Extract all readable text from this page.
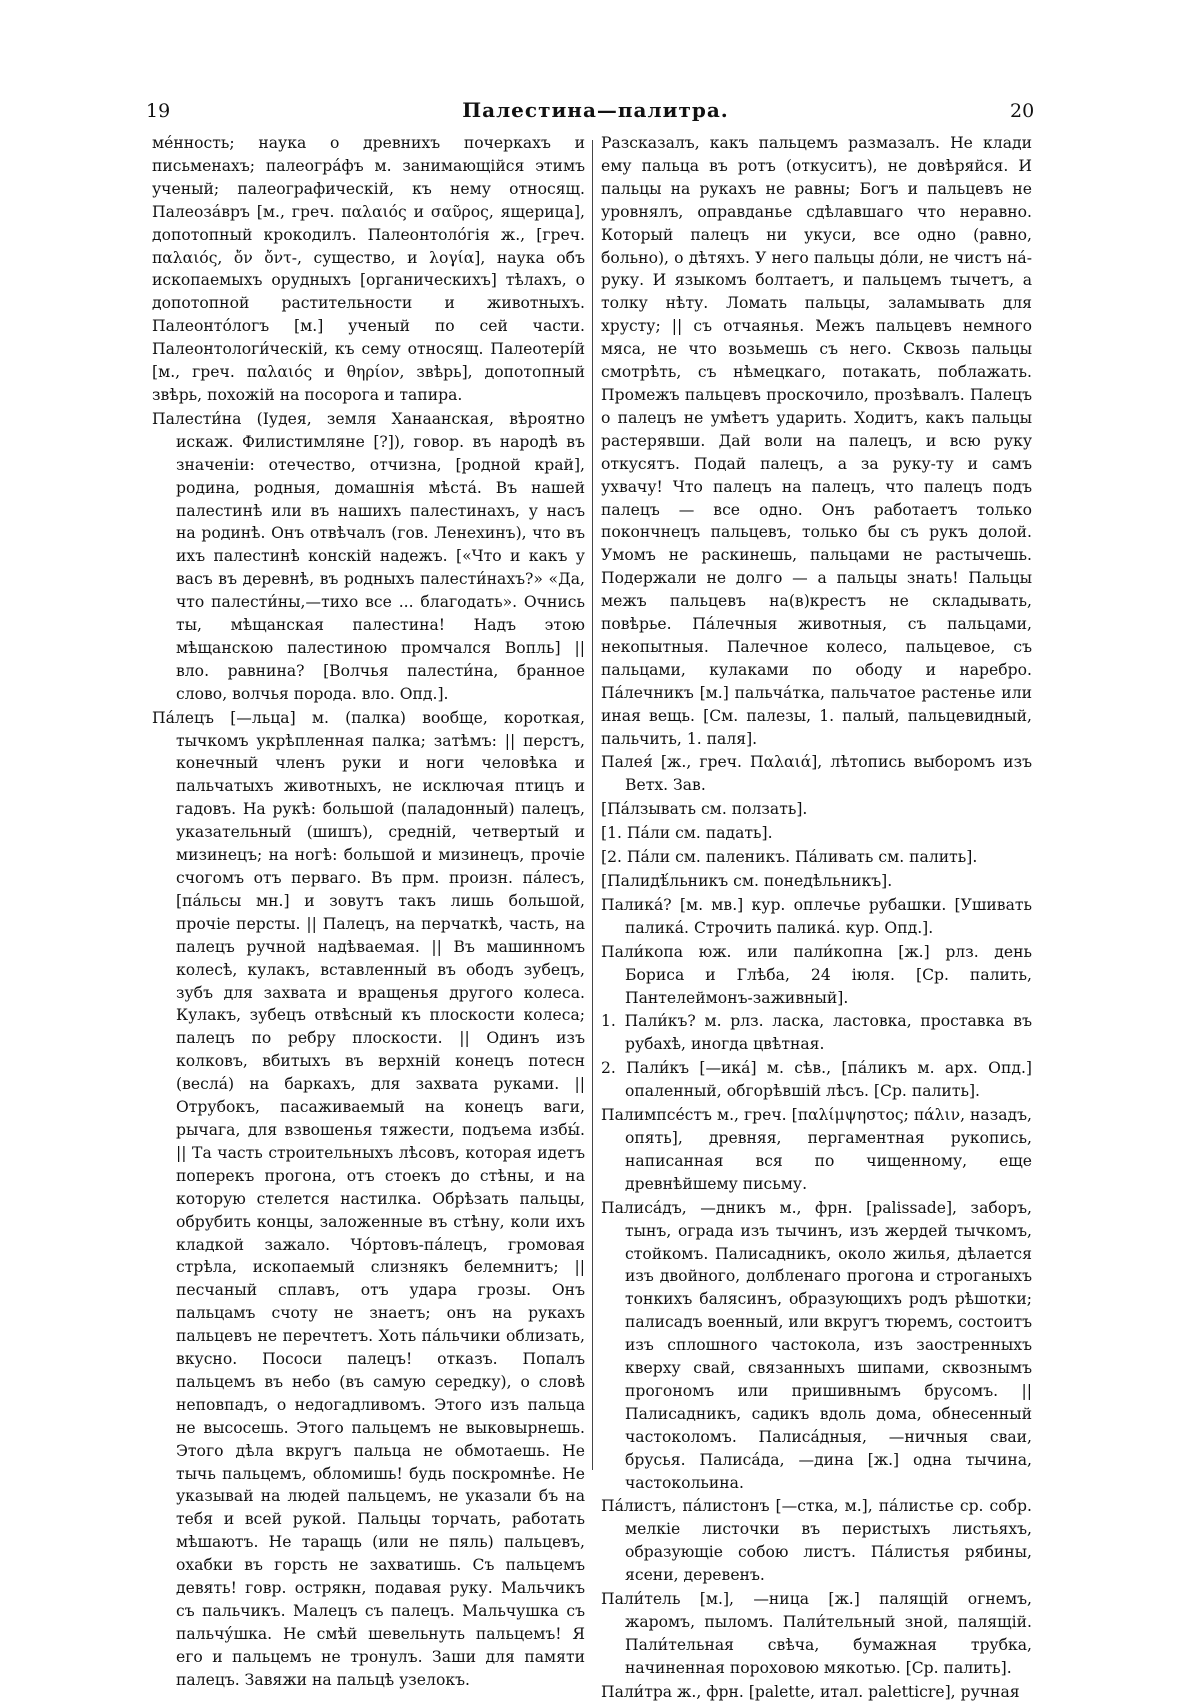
19	Палестина—палитра.	20

ме́нность; наука о древнихъ почеркахъ и письменахъ; палеогра́фъ м. занимающійся этимъ ученый; палеографическій, къ нему относящ. Палеоза́връ [м., греч. παλαιός и σαῦρος, ящерица], допотопный крокодилъ. Палеонтоло́гія ж., [греч. παλαιός, ὄν ὄντ-, существо, и λογία], наука объ ископаемыхъ орудныхъ [органическихъ] тѣлахъ, о допотопной растительности и животныхъ. Палеонто́логъ [м.] ученый по сей части. Палеонтологи́ческій, къ сему относящ. Палеотері́й [м., греч. παλαιός и θηρίον, звѣрь], допотопный звѣрь, похожій на посорога и тапира.

Палести́на (Іудея, земля Ханаанская, вѣроятно искаж. Филистимляне [?]), говор. въ народѣ въ значеніи: отечество, отчизна, [родной край], родина, родныя, домашнія мѣста́. Въ нашей палестинѣ или въ нашихъ палестинахъ, у насъ на родинѣ. Онъ отвѣчалъ (гов. Ленехинъ), что въ ихъ палестинѣ конскій надежъ. [«Что и какъ у васъ въ деревнѣ, въ родныхъ палести́нахъ?» «Да, что палести́ны,—тихо все ... благодать». Очнись ты, мѣщанская палестина! Надъ этою мѣщанскою палестиною промчался Вопль] || вло. равнина? [Волчья палести́на, бранное слово, волчья порода. вло. Опд.].

Па́лецъ [—льца] м. (палка) вообще, короткая, тычкомъ укрѣпленная палка; затѣмъ: || перстъ, конечный членъ руки и ноги человѣка и пальчатыхъ животныхъ, не исключая птицъ и гадовъ. На рукѣ: большой (паладонный) палецъ, указательный (шишъ), средній, четвертый и мизинецъ; на ногѣ: большой и мизинецъ, прочіе счогомъ отъ перваго. Въ прм. произн. па́лесъ, [па́льсы мн.] и зовутъ такъ лишь большой, прочіе персты. || Палецъ, на перчаткѣ, часть, на палецъ ручной надѣваемая. || Въ машинномъ колесѣ, кулакъ, вставленный въ ободъ зубецъ, зубъ для захвата и вращенья другого колеса. Кулакъ, зубецъ отвѣсный къ плоскости колеса; палецъ по ребру плоскости. || Одинъ изъ колковъ, вбитыхъ въ верхній конецъ потесн (весла́) на баркахъ, для захвата руками. || Отрубокъ, пасаживаемый на конецъ ваги, рычага, для взвошенья тяжести, подъема избы́. || Та часть строительныхъ лѣсовъ, которая идетъ поперекъ прогона, отъ стоекъ до стѣны, и на которую стелется настилка. Обрѣзать пальцы, обрубить концы, заложенные въ стѣну, коли ихъ кладкой зажало. Чо́ртовъ-па́лецъ, громовая стрѣла, ископаемый слизнякъ белемнитъ; || песчаный сплавъ, отъ удара грозы. Онъ пальцамъ счоту не знаетъ; онъ на рукахъ пальцевъ не перечтетъ. Хоть па́льчики облизать, вкусно. Пососи палецъ! отказъ. Попалъ пальцемъ въ небо (въ самую середку), о словѣ неповпадъ, о недогадливомъ. Этого изъ пальца не высосешь. Этого пальцемъ не выковырнешь. Этого дѣла вкругъ пальца не обмотаешь. Не тычь пальцемъ, обломишь! будь поскромнѣе. Не указывай на людей пальцемъ, не указали бъ на тебя и всей рукой. Пальцы торчать, работать мѣшаютъ. Не таращь (или не пяль) пальцевъ, охабки въ горсть не захватишь. Съ пальцемъ девять! говр. острякн, подавая руку. Мальчикъ съ пальчикъ. Малецъ съ палецъ. Мальчушка съ пальчу́шка. Не смѣй шевельнуть пальцемъ! Я его и пальцемъ не тронулъ. Заши для памяти палецъ. Завяжи на пальцѣ узелокъ.

Разсказалъ, какъ пальцемъ размазалъ. Не клади ему пальца въ ротъ (откуситъ), не довѣряйся. И пальцы на рукахъ не равны; Богъ и пальцевъ не уровнялъ, оправданье сдѣлавшаго что неравно. Который палецъ ни укуси, все одно (равно, больно), о дѣтяхъ. У него пальцы до́ли, не чистъ на́-руку. И языкомъ болтаетъ, и пальцемъ тычетъ, а толку нѣту. Ломать пальцы, заламывать для хрусту; || съ отчаянья. Межъ пальцевъ немного мяса, не что возьмешь съ него. Сквозь пальцы смотрѣть, съ нѣмецкаго, потакать, поблажать. Промежъ пальцевъ проскочило, прозѣвалъ. Палецъ о палецъ не умѣетъ ударить. Ходитъ, какъ пальцы растерявши. Дай воли на палецъ, и всю руку откусятъ. Подай палецъ, а за руку-ту и самъ ухвачу! Что палецъ на палецъ, что палецъ подъ палецъ — все одно. Онъ работаетъ только покончнецъ пальцевъ, только бы съ рукъ долой. Умомъ не раскинешь, пальцами не растычешь. Подержали не долго — а пальцы знать! Пальцы межъ пальцевъ на(в)крестъ не складывать, повѣрье. Па́лечныя животныя, съ пальцами, некопытныя. Палечное колесо, пальцевое, съ пальцами, кулаками по ободу и наребро. Па́лечникъ [м.] пальча́тка, пальчатое растенье или иная вещь. [См. палезы, 1. палый, пальцевидный, пальчить, 1. паля].

Палея́ [ж., греч. Παλαιά], лѣтопись выборомъ изъ Ветх. Зав.

[Па́лзывать см. ползать].

[1. Па́ли см. падать].

[2. Па́ли см. паленикъ. Па́ливать см. палить].

[Палидѣ́льникъ см. понедѣльникъ].

Палика́? [м. мв.] кур. оплечье рубашки. [Ушивать палика́. Строчить палика́. кур. Опд.].

Пали́копа юж. или пали́копна [ж.] рлз. день Бориса и Глѣба, 24 іюля. [Ср. палить, Пантелеймонъ-заживный].

1. Пали́къ? м. рлз. ласка, ластовка, проставка въ рубахѣ, иногда цвѣтная.

2. Пали́къ [—ика́] м. сѣв., [па́ликъ м. арх. Опд.] опаленный, обгорѣвшій лѣсъ. [Ср. палить].

Палимпсе́стъ м., греч. [παλίμψηστος; πάλιν, назадъ, опять], древняя, пергаментная рукопись, написанная вся по чищенному, еще древнѣйшему письму.

Палиса́дъ, —дникъ м., фрн. [palissade], заборъ, тынъ, ограда изъ тычинъ, изъ жердей тычкомъ, стойкомъ. Палисадникъ, около жилья, дѣлается изъ двойного, долбленаго прогона и строганыхъ тонкихъ балясинъ, образующихъ родъ рѣшотки; палисадъ военный, или вкругъ тюремъ, состоитъ изъ сплошного частокола, изъ заостренныхъ кверху свай, связанныхъ шипами, сквознымъ прогономъ или пришивнымъ брусомъ. || Палисадникъ, садикъ вдоль дома, обнесенный частоколомъ. Палиса́дныя, —ничныя сваи, брусья. Палиса́да, —дина [ж.] одна тычина, частокольина.

Па́листъ, па́листонъ [—стка, м.], па́листье ср. собр. мелкіе листочки въ перистыхъ листьяхъ, образующіе собою листъ. Па́листья рябины, ясени, деревенъ.

Пали́тель [м.], —ница [ж.] палящій огнемъ, жаромъ, пыломъ. Пали́тельный зной, палящій. Пали́тельная свѣча, бумажная трубка, начиненная пороховою мякотью. [Ср. палить].

Пали́тра ж., фрн. [palette, итал. paletticre], ручная
